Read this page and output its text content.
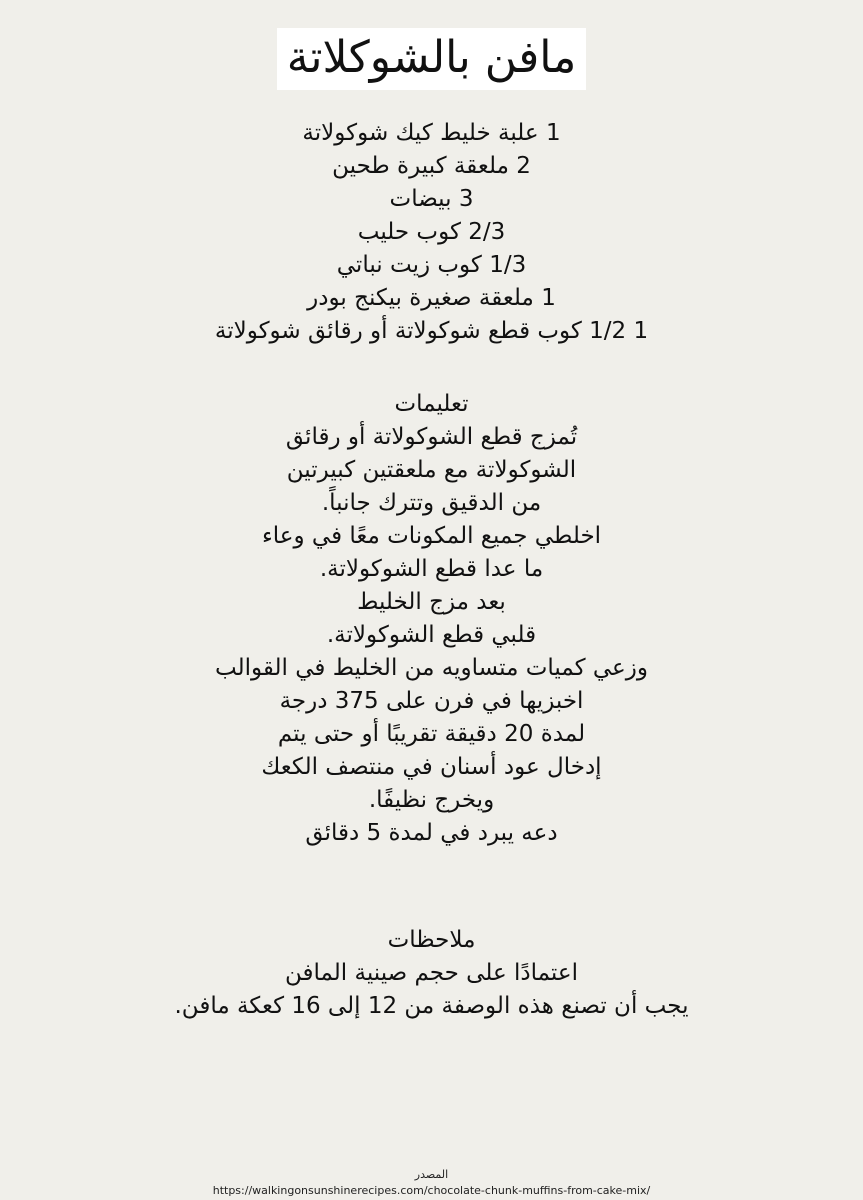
مافن بالشوكلاتة
1 علبة خليط كيك شوكولاتة
2 ملعقة كبيرة طحين
3 بيضات
2/3 كوب حليب
1/3 كوب زيت نباتي
1 ملعقة صغيرة بيكنج بودر
1 1/2 كوب قطع شوكولاتة أو رقائق شوكولاتة
تعليمات
تُمزج قطع الشوكولاتة أو رقائق
الشوكولاتة مع ملعقتين كبيرتين
من الدقيق وتترك جانباً.
اخلطي جميع المكونات معًا في وعاء
ما عدا قطع الشوكولاتة.
بعد مزج الخليط
قلبي قطع الشوكولاتة.
وزعي كميات متساويه من الخليط في القوالب
اخبزيها في فرن على 375 درجة
لمدة 20 دقيقة تقريبًا أو حتى يتم
إدخال عود أسنان في منتصف الكعك
ويخرج نظيفًا.
دعه يبرد في لمدة 5 دقائق
ملاحظات
اعتمادًا على حجم صينية المافن
يجب أن تصنع هذه الوصفة من 12 إلى 16 كعكة مافن.
المصدر
https://walkingonsunshinerecipes.com/chocolate-chunk-muffins-from-cake-mix/
